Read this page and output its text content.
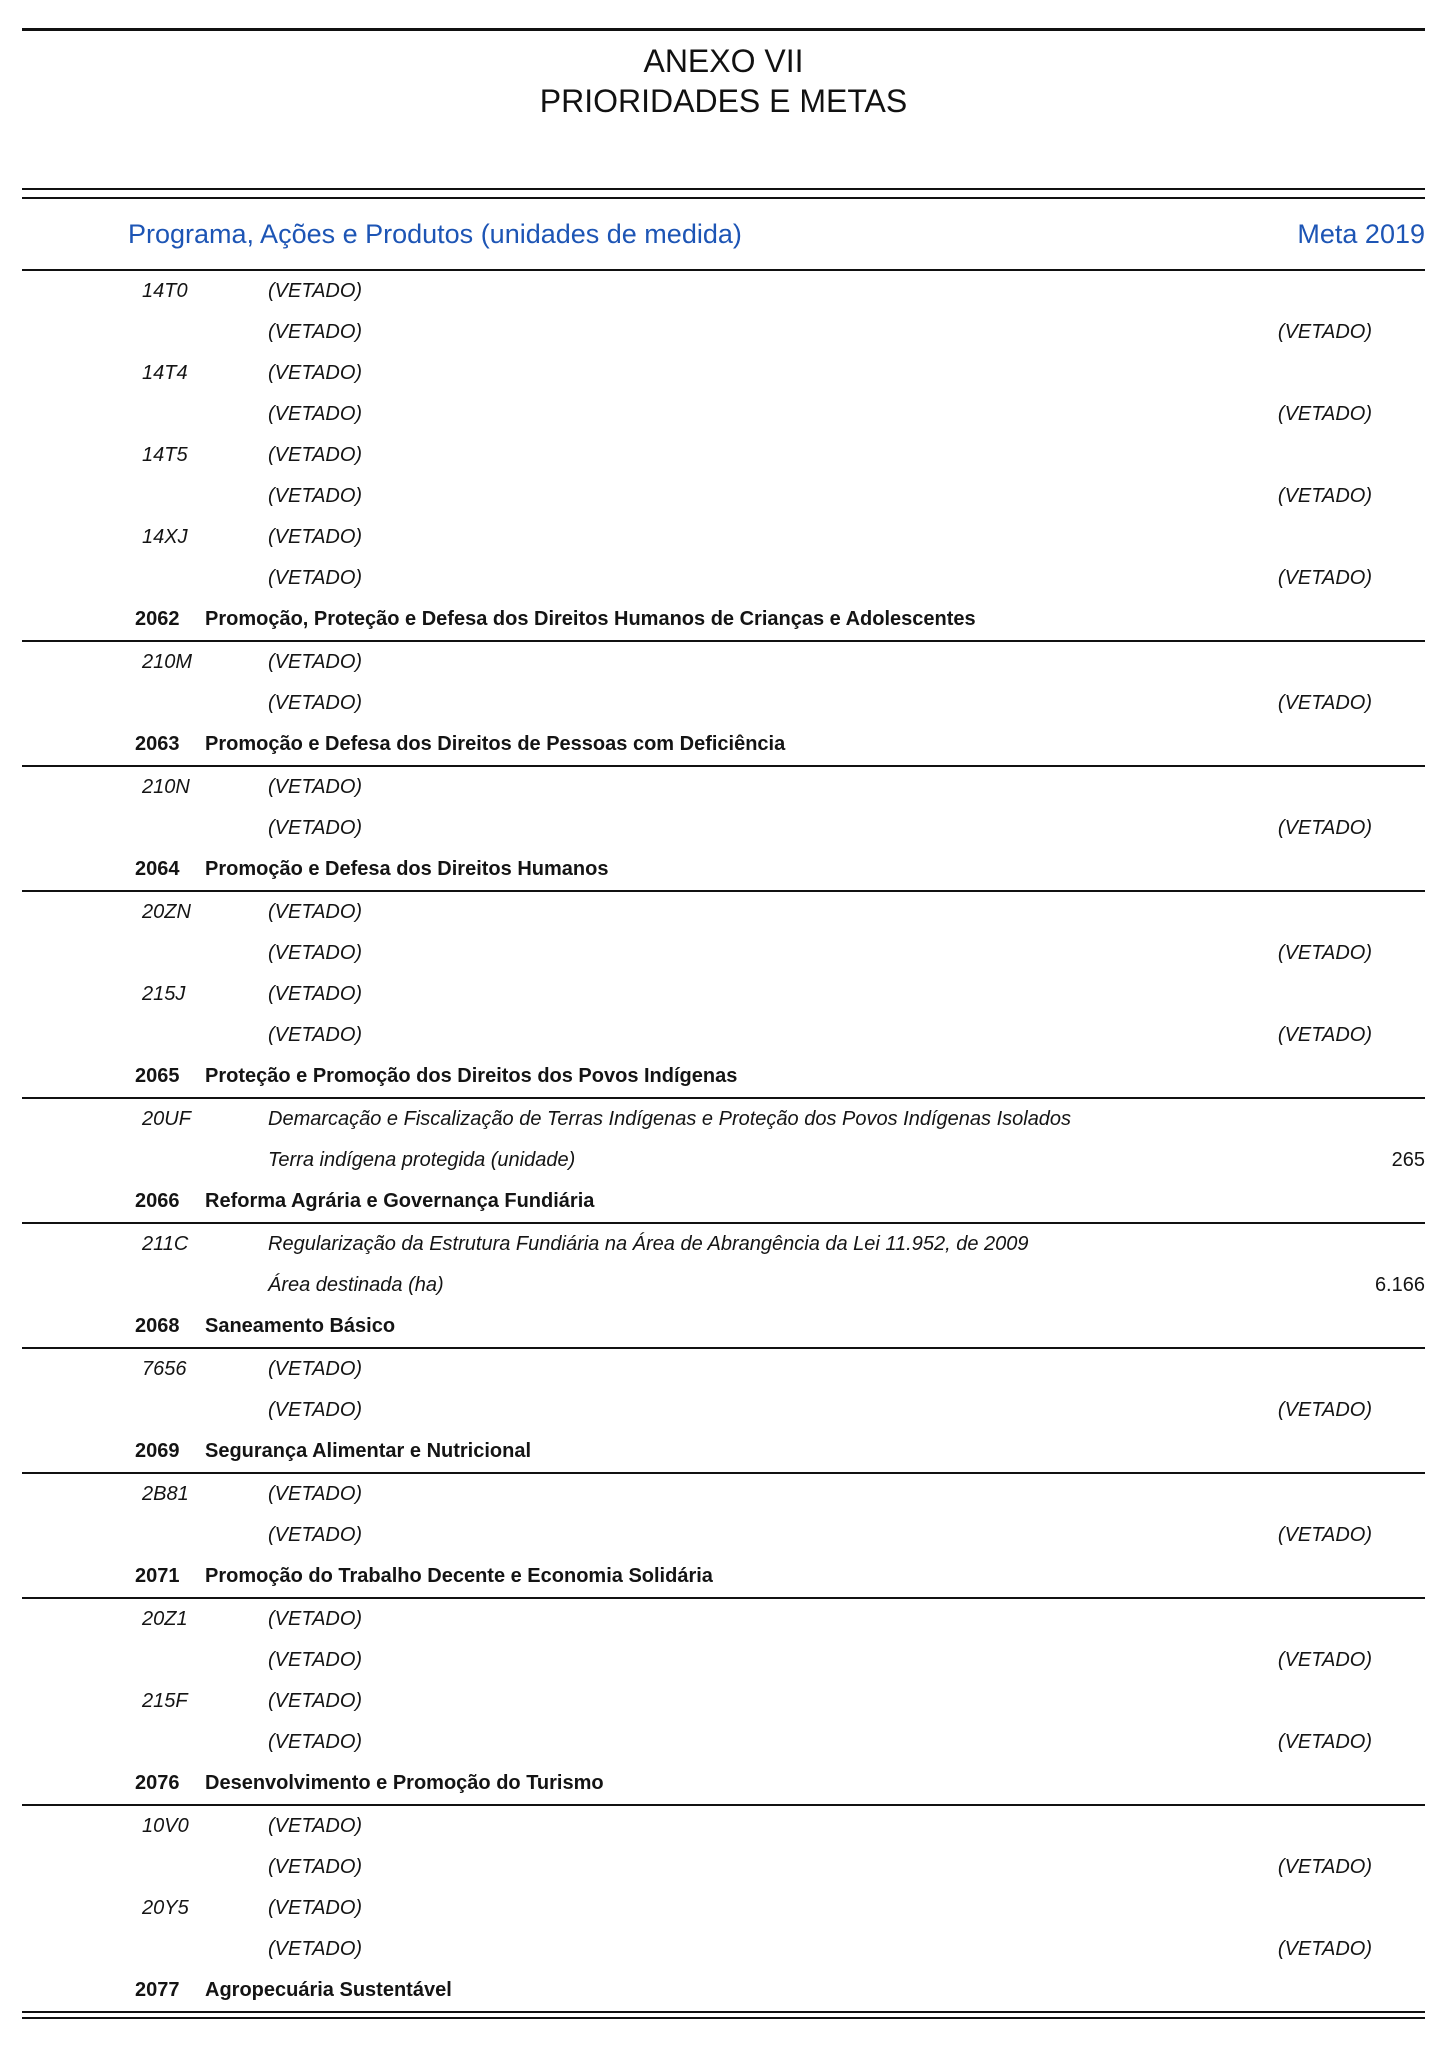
ANEXO VII
PRIORIDADES E METAS
Programa, Ações e Produtos (unidades de medida)	Meta 2019
14T0	(VETADO)
(VETADO)	(VETADO)
14T4	(VETADO)
(VETADO)	(VETADO)
14T5	(VETADO)
(VETADO)	(VETADO)
14XJ	(VETADO)
(VETADO)	(VETADO)
2062	Promoção, Proteção e Defesa dos Direitos Humanos de Crianças e Adolescentes
210M	(VETADO)
(VETADO)	(VETADO)
2063	Promoção e Defesa dos Direitos de Pessoas com Deficiência
210N	(VETADO)
(VETADO)	(VETADO)
2064	Promoção e Defesa dos Direitos Humanos
20ZN	(VETADO)
(VETADO)	(VETADO)
215J	(VETADO)
(VETADO)	(VETADO)
2065	Proteção e Promoção dos Direitos dos Povos Indígenas
20UF	Demarcação e Fiscalização de Terras Indígenas e Proteção dos Povos Indígenas Isolados
Terra indígena protegida (unidade)	265
2066	Reforma Agrária e Governança Fundiária
211C	Regularização da Estrutura Fundiária na Área de Abrangência da Lei 11.952, de 2009
Área destinada (ha)	6.166
2068	Saneamento Básico
7656	(VETADO)
(VETADO)	(VETADO)
2069	Segurança Alimentar e Nutricional
2B81	(VETADO)
(VETADO)	(VETADO)
2071	Promoção do Trabalho Decente e Economia Solidária
20Z1	(VETADO)
(VETADO)	(VETADO)
215F	(VETADO)
(VETADO)	(VETADO)
2076	Desenvolvimento e Promoção do Turismo
10V0	(VETADO)
(VETADO)	(VETADO)
20Y5	(VETADO)
(VETADO)	(VETADO)
2077	Agropecuária Sustentável
